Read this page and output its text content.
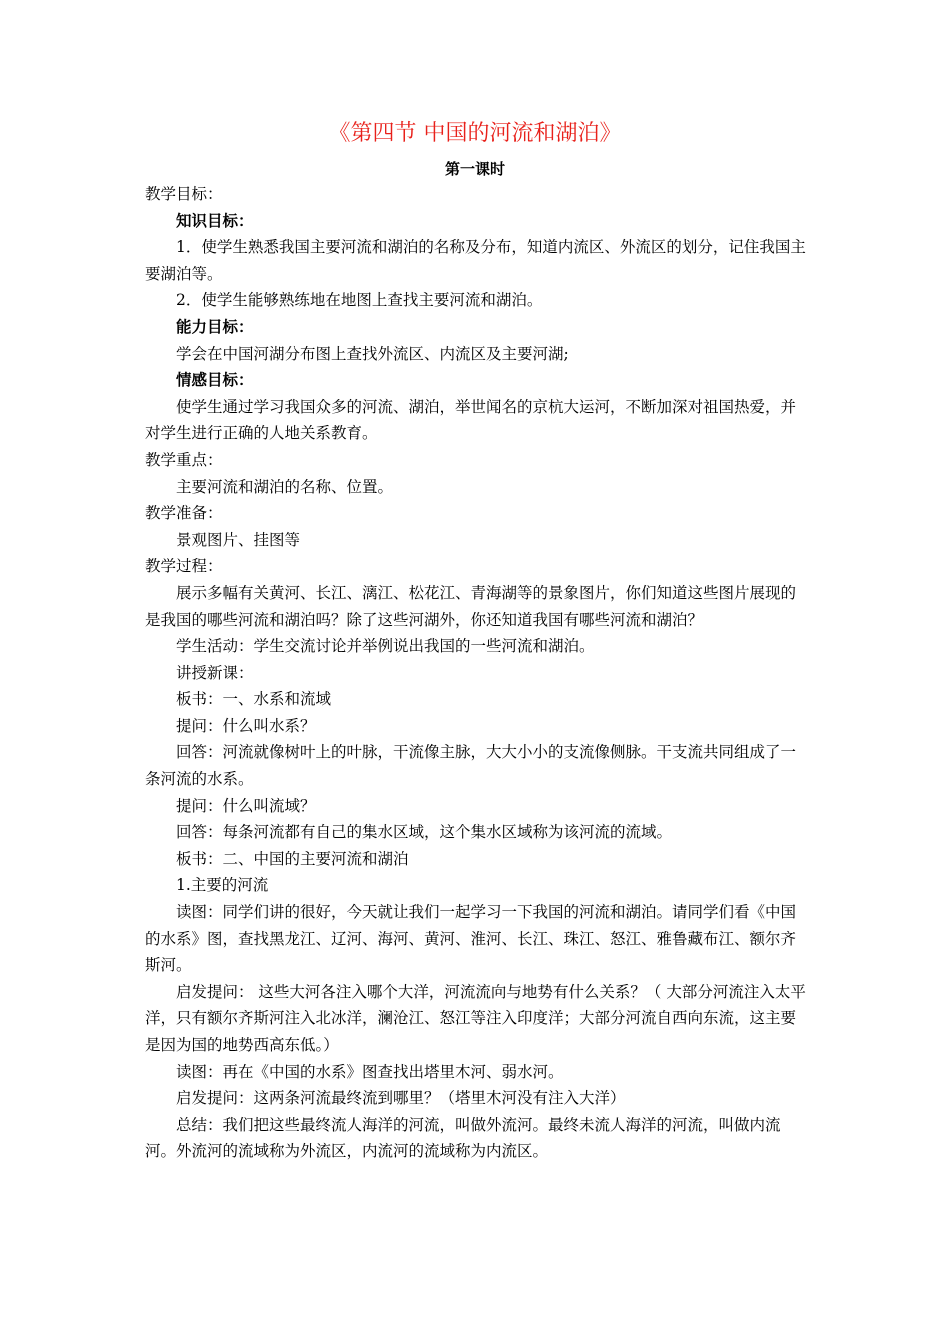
《第四节 中国的河流和湖泊》
第一课时

教学目标：

知识目标：

1．使学生熟悉我国主要河流和湖泊的名称及分布，知道内流区、外流区的划分，记住我国主要湖泊等。

2．使学生能够熟练地在地图上查找主要河流和湖泊。

能力目标：

学会在中国河湖分布图上查找外流区、内流区及主要河湖;

情感目标：

使学生通过学习我国众多的河流、湖泊，举世闻名的京杭大运河，不断加深对祖国热爱，并对学生进行正确的人地关系教育。

教学重点：

主要河流和湖泊的名称、位置。

教学准备：

景观图片、挂图等

教学过程：

展示多幅有关黄河、长江、漓江、松花江、青海湖等的景象图片，你们知道这些图片展现的是我国的哪些河流和湖泊吗？除了这些河湖外，你还知道我国有哪些河流和湖泊？

学生活动：学生交流讨论并举例说出我国的一些河流和湖泊。

讲授新课：

板书：一、水系和流域

提问：什么叫水系？

回答：河流就像树叶上的叶脉，干流像主脉，大大小小的支流像侧脉。干支流共同组成了一条河流的水系。

提问：什么叫流域？

回答：每条河流都有自己的集水区域，这个集水区域称为该河流的流域。

板书：二、中国的主要河流和湖泊

1.主要的河流

读图：同学们讲的很好，今天就让我们一起学习一下我国的河流和湖泊。请同学们看《中国的水系》图，查找黑龙江、辽河、海河、黄河、淮河、长江、珠江、怒江、雅鲁藏布江、额尔齐斯河。

启发提问： 这些大河各注入哪个大洋，河流流向与地势有什么关系？（ 大部分河流注入太平洋，只有额尔齐斯河注入北冰洋，澜沧江、怒江等注入印度洋；大部分河流自西向东流，这主要是因为国的地势西高东低。）

读图：再在《中国的水系》图查找出塔里木河、弱水河。

启发提问：这两条河流最终流到哪里？（塔里木河没有注入大洋）

总结：我们把这些最终流人海洋的河流，叫做外流河。最终未流人海洋的河流，叫做内流河。外流河的流域称为外流区，内流河的流域称为内流区。
